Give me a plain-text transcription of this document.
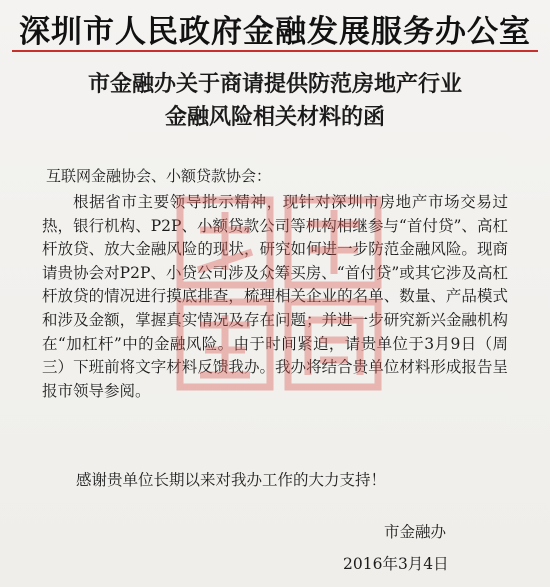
深圳市人民政府金融发展服务办公室
市金融办关于商请提供防范房地产行业
金融风险相关材料的函
互联网金融协会、小额贷款协会：

根据省市主要领导批示精神，现针对深圳市房地产市场交易过热，银行机构、P2P、小额贷款公司等机构相继参与“首付贷”、高杠杆放贷、放大金融风险的现状，研究如何进一步防范金融风险。现商请贵协会对P2P、小贷公司涉及众筹买房、“首付贷”或其它涉及高杠杆放贷的情况进行摸底排查，梳理相关企业的名单、数量、产品模式和涉及金额，掌握真实情况及存在问题；并进一步研究新兴金融机构在“加杠杆”中的金融风险。由于时间紧迫，请贵单位于3月9日（周三）下班前将文字材料反馈我办。我办将结合贵单位材料形成报告呈报市领导参阅。

感谢贵单位长期以来对我办工作的大力支持！
市金融办
2016年3月4日
